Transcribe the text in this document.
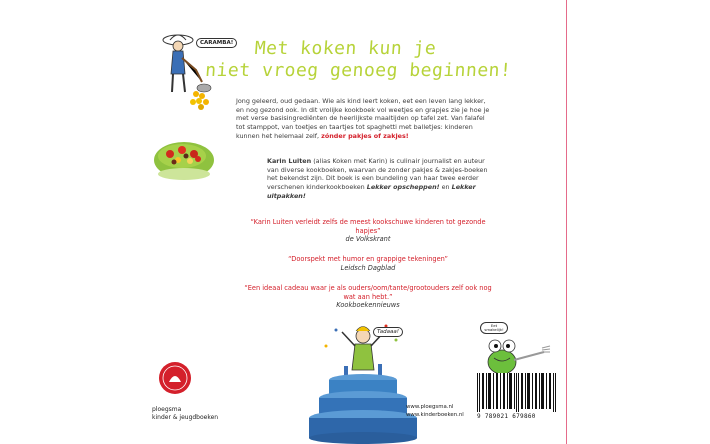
CARAMBA! Met koken kun je
niet vroeg genoeg beginnen!
Jong geleerd, oud gedaan. Wie als kind leert koken, eet een leven lang lekker, en nog gezond ook. In dit vrolijke kookboek vol weetjes en grapjes zie je hoe je met verse basisingrediënten de heerlijkste maaltijden op tafel zet. Van falafel tot stamppot, van toetjes en taartjes tot spaghetti met balletjes: kinderen kunnen het helemaal zelf, zónder pakjes of zakjes!
Karin Luiten (alias Koken met Karin) is culinair journalist en auteur van diverse kookboeken, waarvan de zonder pakjes & zakjes-boeken het bekendst zijn. Dit boek is een bundeling van haar twee eerder verschenen kinderkookboeken Lekker opscheppen! en Lekker uitpakken!
“Karin Luiten verleidt zelfs de meest kookschuwe kinderen tot gezonde hapjes”
de Volkskrant
“Doorspekt met humor en grappige tekeningen”
Leidsch Dagblad
“Een ideaal cadeau waar je als ouders/oom/tante/grootouders zelf ook nog wat aan hebt.”
Kookboekennieuws
Tadaaa!
Eet smakelijk!
9 789021 679860
ploegsma
kinder & jeugdboeken
www.ploegsma.nl
www.kinderboeken.nl
